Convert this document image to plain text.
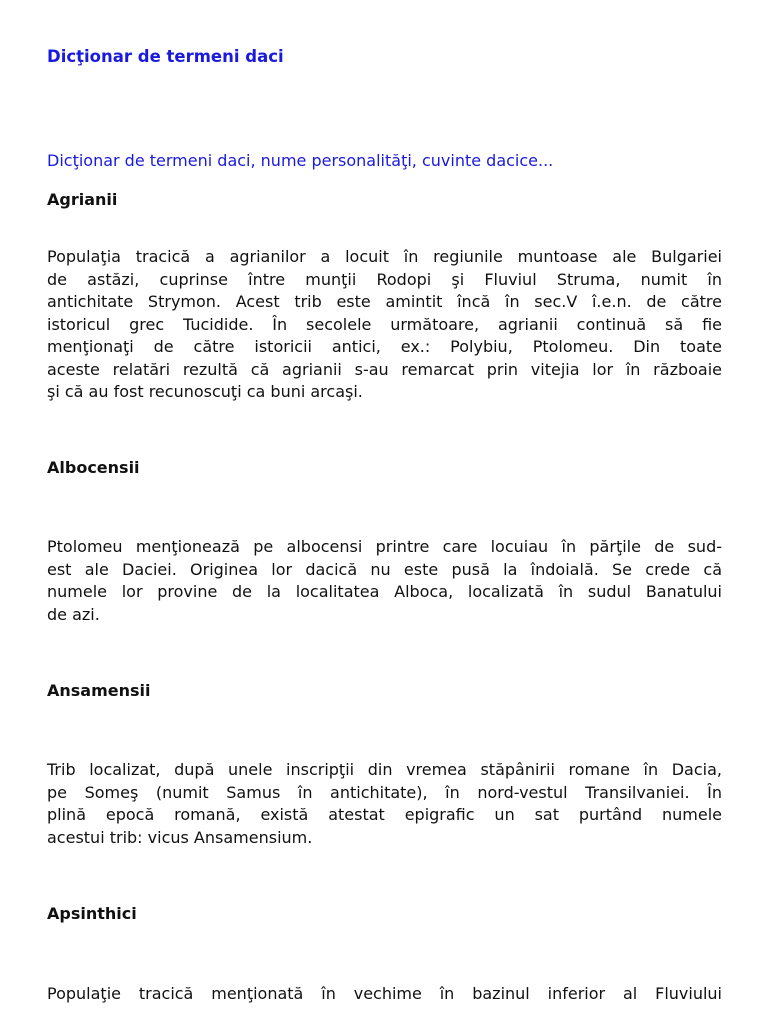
Dicţionar de termeni daci
Dicţionar de termeni daci, nume personalităţi, cuvinte dacice...
Agrianii
Populaţia tracică a agrianilor a locuit în regiunile muntoase ale Bulgariei
de astăzi, cuprinse între munţii Rodopi şi Fluviul Struma, numit în
antichitate Strymon. Acest trib este amintit încă în sec.V î.e.n. de către
istoricul grec Tucidide. În secolele următoare, agrianii continuă să fie
menţionaţi de către istoricii antici, ex.: Polybiu, Ptolomeu. Din toate
aceste relatări rezultă că agrianii s-au remarcat prin vitejia lor în războaie
şi că au fost recunoscuţi ca buni arcaşi.
Albocensii
Ptolomeu menţionează pe albocensi printre care locuiau în părţile de sud-
est ale Daciei. Originea lor dacică nu este pusă la îndoială. Se crede că
numele lor provine de la localitatea Alboca, localizată în sudul Banatului
de azi.
Ansamensii
Trib localizat, după unele inscripţii din vremea stăpânirii romane în Dacia,
pe Someş (numit Samus în antichitate), în nord-vestul Transilvaniei. În
plină epocă romană, există atestat epigrafic un sat purtând numele
acestui trib: vicus Ansamensium.
Apsinthici
Populaţie tracică menţionată în vechime în bazinul inferior al Fluviului
